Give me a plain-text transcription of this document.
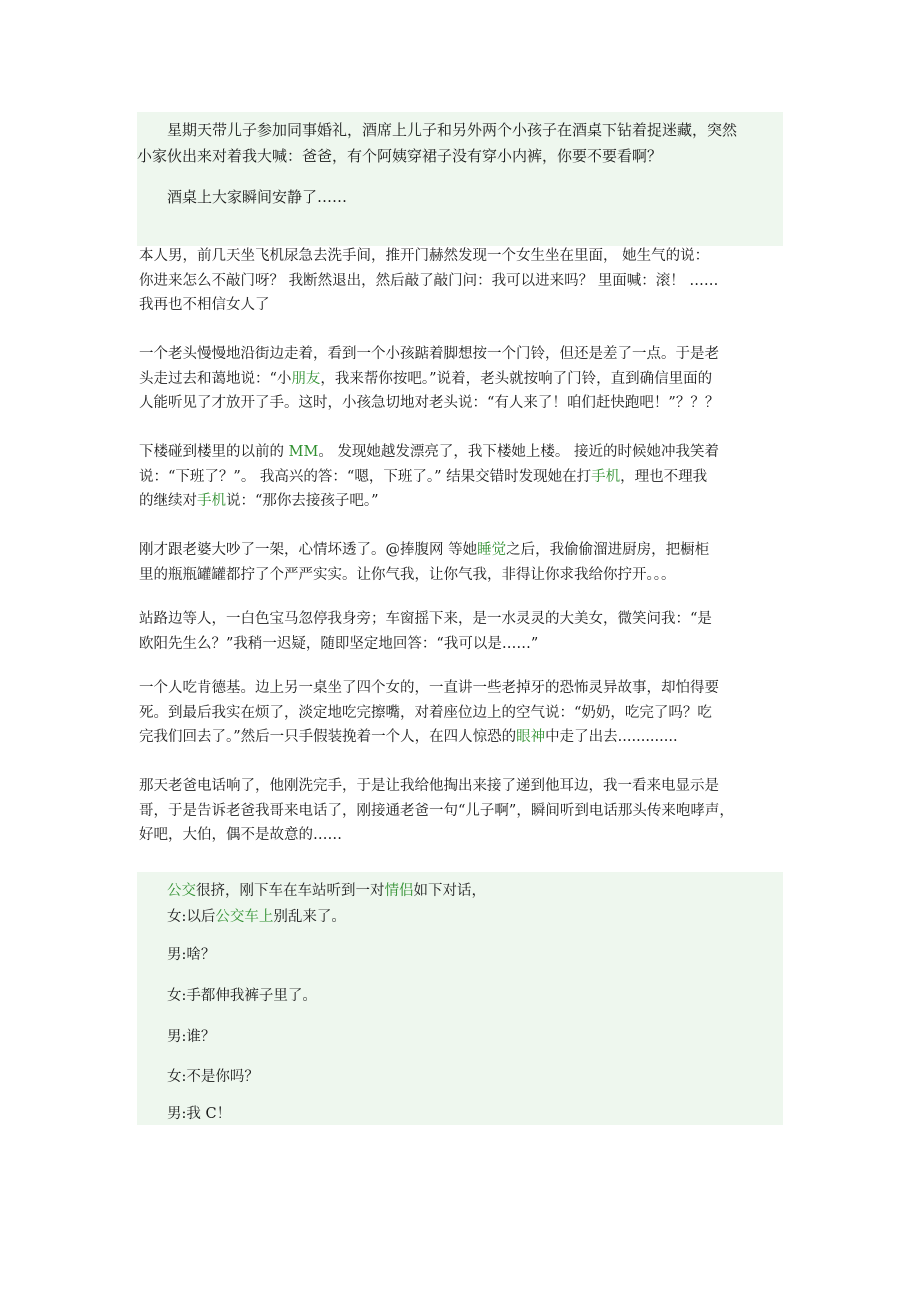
星期天带儿子参加同事婚礼，酒席上儿子和另外两个小孩子在酒桌下钻着捉迷藏，突然
小家伙出来对着我大喊：爸爸，有个阿姨穿裙子没有穿小内裤，你要不要看啊？
酒桌上大家瞬间安静了……
本人男，前几天坐飞机尿急去洗手间，推开门赫然发现一个女生坐在里面， 她生气的说：
你进来怎么不敲门呀？ 我断然退出，然后敲了敲门问：我可以进来吗？ 里面喊：滚！ ……
我再也不相信女人了
一个老头慢慢地沿街边走着，看到一个小孩踮着脚想按一个门铃，但还是差了一点。于是老
头走过去和蔼地说：“小朋友，我来帮你按吧。”说着，老头就按响了门铃，直到确信里面的
人能听见了才放开了手。这时，小孩急切地对老头说：“有人来了！咱们赶快跑吧！”？？？
下楼碰到楼里的以前的 MM。 发现她越发漂亮了，我下楼她上楼。 接近的时候她冲我笑着
说：“下班了？”。 我高兴的答：“嗯，下班了。” 结果交错时发现她在打手机，理也不理我
的继续对手机说：“那你去接孩子吧。”
刚才跟老婆大吵了一架，心情坏透了。@捧腹网 等她睡觉之后，我偷偷溜进厨房，把橱柜
里的瓶瓶罐罐都拧了个严严实实。让你气我，让你气我，非得让你求我给你拧开。。。
站路边等人，一白色宝马忽停我身旁；车窗摇下来，是一水灵灵的大美女，微笑问我：“是
欧阳先生么？”我稍一迟疑，随即坚定地回答：“我可以是……”
一个人吃肯德基。边上另一桌坐了四个女的，一直讲一些老掉牙的恐怖灵异故事，却怕得要
死。到最后我实在烦了，淡定地吃完擦嘴，对着座位边上的空气说：“奶奶，吃完了吗？吃
完我们回去了。”然后一只手假装挽着一个人，在四人惊恐的眼神中走了出去.............
那天老爸电话响了，他刚洗完手，于是让我给他掏出来接了递到他耳边，我一看来电显示是
哥，于是告诉老爸我哥来电话了，刚接通老爸一句“儿子啊”，瞬间听到电话那头传来咆哮声，
好吧，大伯，偶不是故意的……
公交很挤，刚下车在车站听到一对情侣如下对话，
女:以后公交车上别乱来了。
男:啥？
女:手都伸我裤子里了。
男:谁？
女:不是你吗？
男:我 C！
